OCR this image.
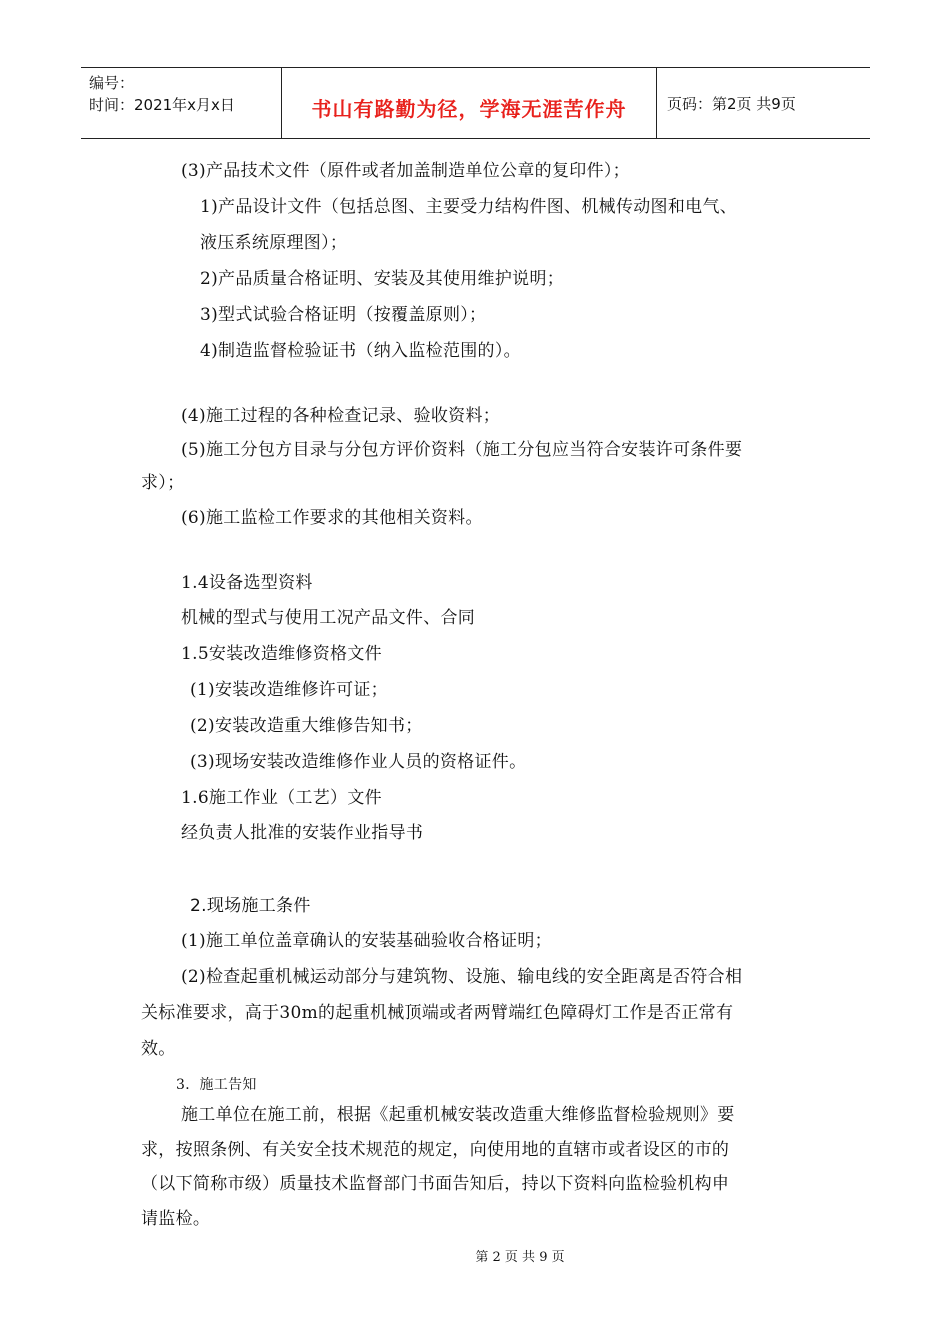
编号：
时间：2021年x月x日	书山有路勤为径，学海无涯苦作舟	页码：第2页 共9页
(3)产品技术文件（原件或者加盖制造单位公章的复印件）；
1)产品设计文件（包括总图、主要受力结构件图、机械传动图和电气、
液压系统原理图）；
2)产品质量合格证明、安装及其使用维护说明；
3)型式试验合格证明（按覆盖原则）；
4)制造监督检验证书（纳入监检范围的）。
(4)施工过程的各种检查记录、验收资料；
(5)施工分包方目录与分包方评价资料（施工分包应当符合安装许可条件要
求）；
(6)施工监检工作要求的其他相关资料。
1.4设备选型资料
机械的型式与使用工况产品文件、合同
1.5安装改造维修资格文件
(1)安装改造维修许可证；
(2)安装改造重大维修告知书；
(3)现场安装改造维修作业人员的资格证件。
1.6施工作业（工艺）文件
经负责人批准的安装作业指导书
2.现场施工条件
(1)施工单位盖章确认的安装基础验收合格证明；
(2)检查起重机械运动部分与建筑物、设施、输电线的安全距离是否符合相
关标准要求，高于30m的起重机械顶端或者两臂端红色障碍灯工作是否正常有
效。
3．施工告知
施工单位在施工前，根据《起重机械安装改造重大维修监督检验规则》要
求，按照条例、有关安全技术规范的规定，向使用地的直辖市或者设区的市的
（以下简称市级）质量技术监督部门书面告知后，持以下资料向监检验机构申
请监检。
第 2 页 共 9 页
